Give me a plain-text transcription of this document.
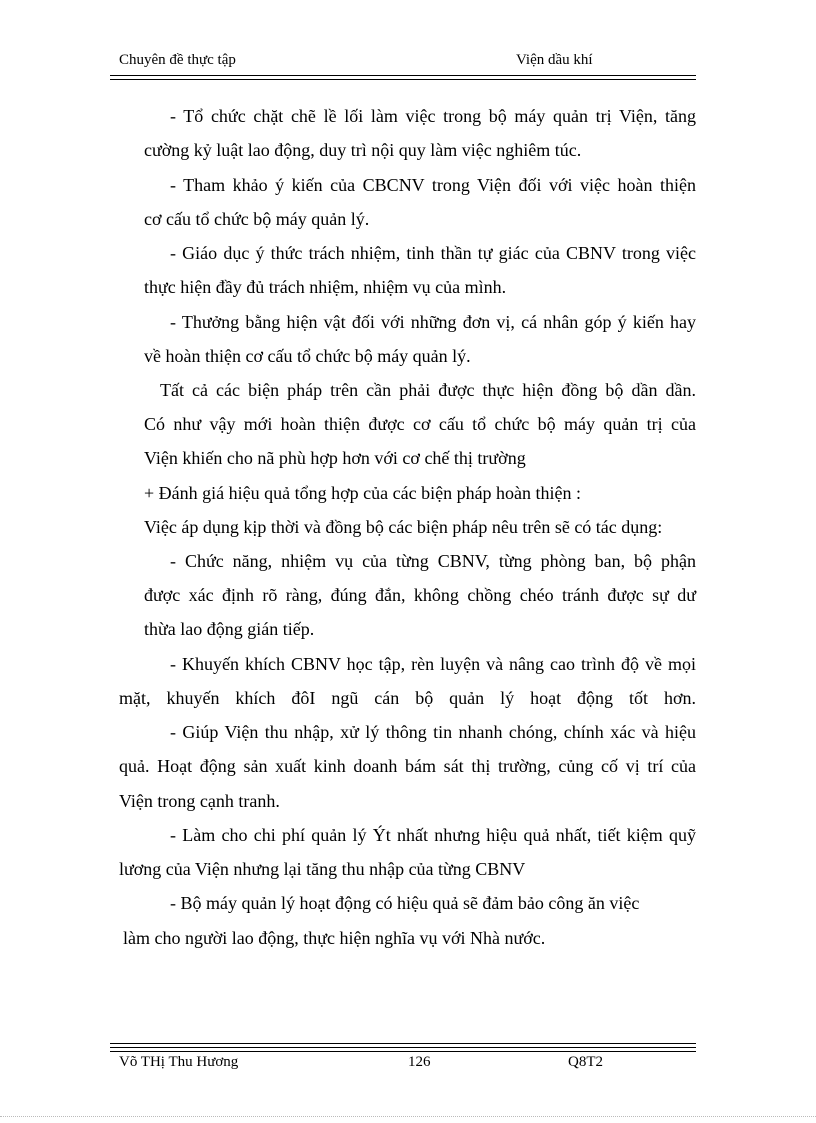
Chuyên đề thực tập	Viện dầu khí
- Tổ chức chặt chẽ lề lối làm việc trong bộ máy quản trị Viện, tăng
cường kỷ luật lao động, duy trì nội quy làm việc nghiêm túc.
- Tham khảo ý kiến của CBCNV trong Viện đối với việc hoàn thiện
cơ cấu tổ chức bộ máy quản lý.
- Giáo dục ý thức trách nhiệm, tinh thần tự giác của CBNV trong việc
thực hiện đầy đủ trách nhiệm, nhiệm vụ của mình.
- Thưởng bằng hiện vật đối với những đơn vị, cá nhân góp ý kiến hay
về hoàn thiện cơ cấu tổ chức bộ máy quản lý.
Tất cả các biện pháp trên cần phải được thực hiện đồng bộ dần dần.
Có như vậy mới hoàn thiện được cơ cấu tổ chức bộ máy quản trị của
Viện khiến cho nã phù hợp hơn với cơ chế thị trường
+ Đánh giá hiệu quả tổng hợp của các biện pháp hoàn thiện :
Việc áp dụng kịp thời và đồng bộ các biện pháp nêu trên sẽ có tác dụng:
- Chức năng, nhiệm vụ của từng CBNV, từng phòng ban, bộ phận
được xác định rõ ràng, đúng đắn, không chồng chéo tránh được sự dư
thừa lao động gián tiếp.
- Khuyến khích CBNV học tập, rèn luyện và nâng cao trình độ về mọi
mặt, khuyến khích đôI ngũ cán bộ quản lý hoạt động tốt hơn.
- Giúp Viện thu nhập, xử lý thông tin nhanh chóng, chính xác và hiệu
quả. Hoạt động sản xuất kinh doanh bám sát thị trường, củng cố vị trí của
Viện trong cạnh tranh.
- Làm cho chi phí quản lý Ýt nhất nhưng hiệu quả nhất, tiết kiệm quỹ
lương của Viện nhưng lại tăng thu nhập của từng CBNV
- Bộ máy quản lý hoạt động có hiệu quả sẽ đảm bảo công ăn việc
làm cho người lao động, thực hiện nghĩa vụ với Nhà nước.
Võ THị Thu Hương	126	Q8T2
